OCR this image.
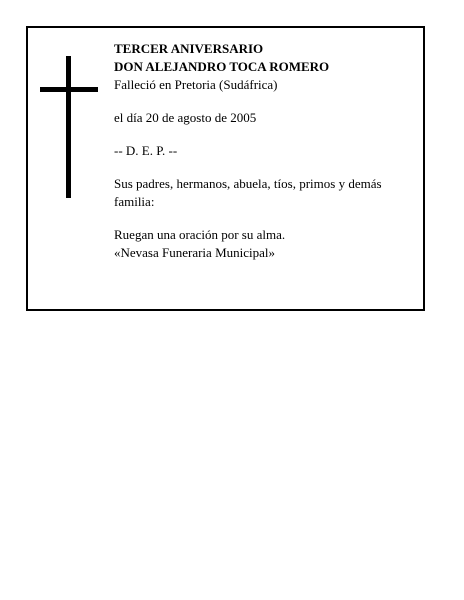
TERCER ANIVERSARIO
DON ALEJANDRO TOCA ROMERO
Falleció en Pretoria (Sudáfrica)
el día 20 de agosto de 2005
-- D. E. P. --
Sus padres, hermanos, abuela, tíos, primos y demás familia:
Ruegan una oración por su alma.
«Nevasa Funeraria Municipal»
